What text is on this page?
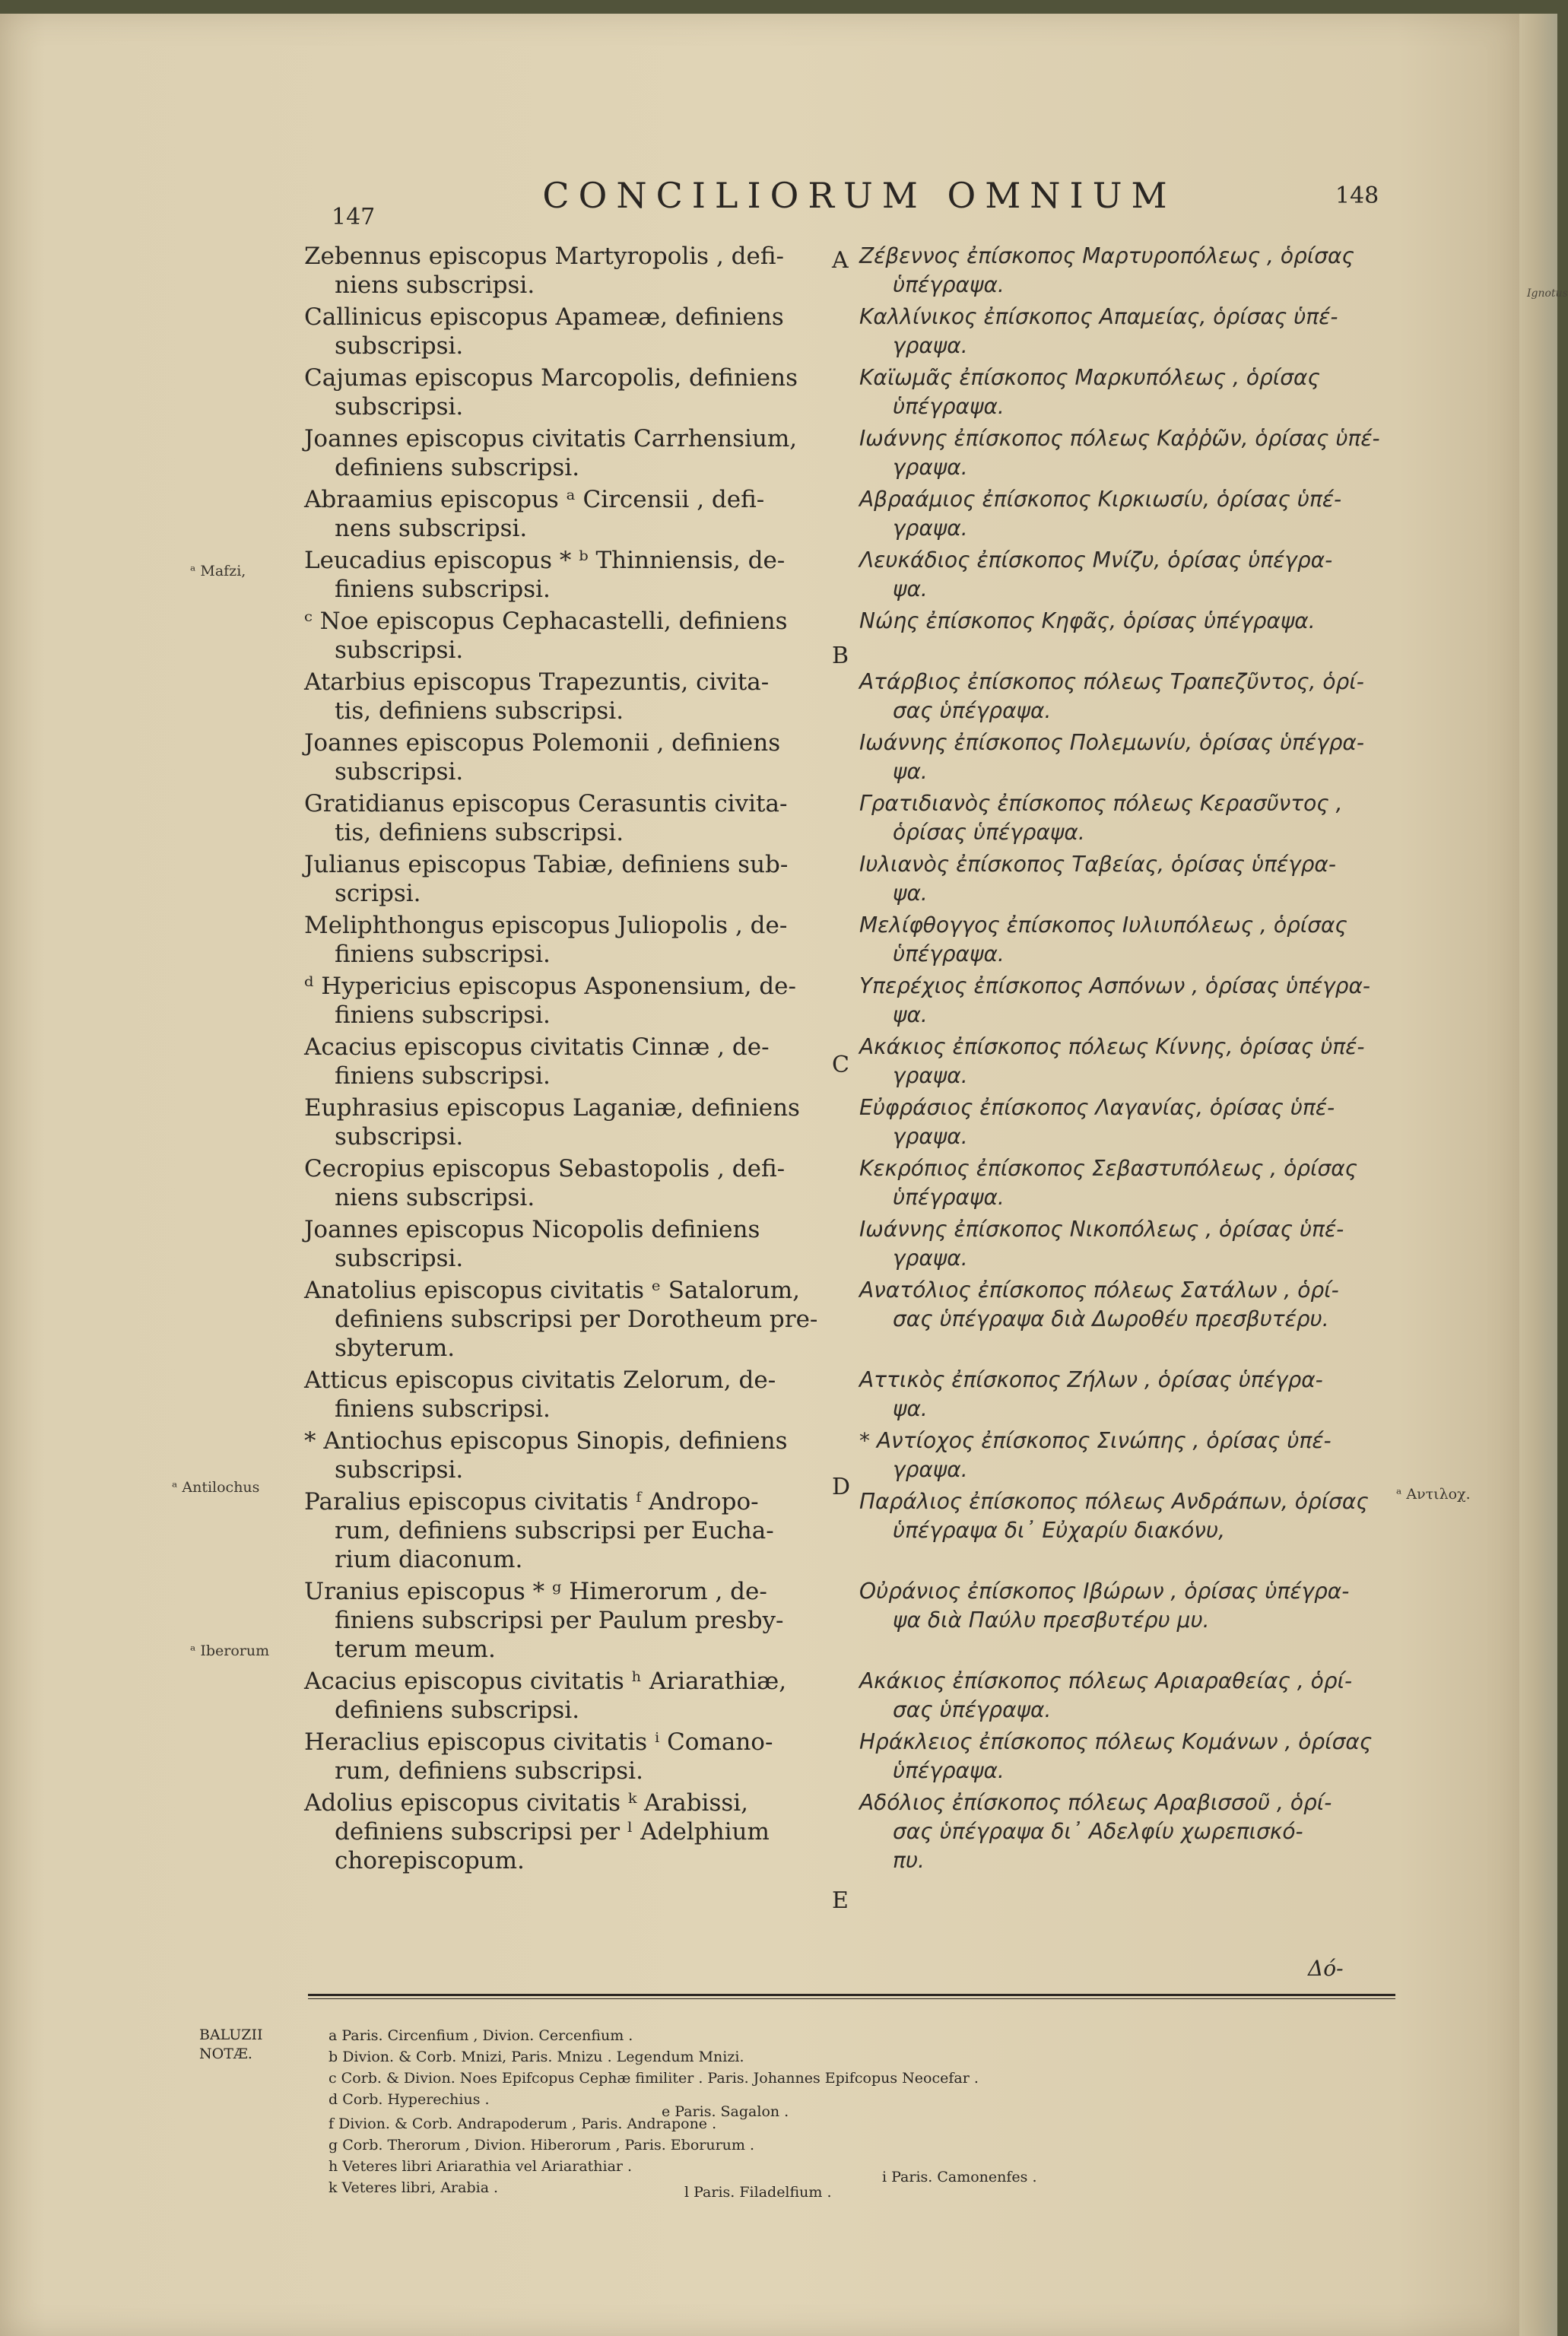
Ignotus
147
CONCILIORUM OMNIUM	148
Zebennus episcopus Martyropolis , defi-
niens subscripsi.
Ζέβεννος ἐπίσκοπος Μαρτυροπόλεως , ὁρίσας
ὑπέγραψα.
Callinicus episcopus Apameæ, definiens
subscripsi.
Καλλίνικος ἐπίσκοπος Απαμείας, ὁρίσας ὑπέ-
γραψα.
Cajumas episcopus Marcopolis, definiens
subscripsi.
Καϊωμᾶς ἐπίσκοπος Μαρκυπόλεως , ὁρίσας
ὑπέγραψα.
Joannes episcopus civitatis Carrhensium,
definiens subscripsi.
Ιωάννης ἐπίσκοπος πόλεως Καῤῥῶν, ὁρίσας ὑπέ-
γραψα.
Abraamius episcopus ᵃ Circensii , defi-
nens subscripsi.
Αβραάμιος ἐπίσκοπος Κιρκιωσίυ, ὁρίσας ὑπέ-
γραψα.
Leucadius episcopus * ᵇ Thinniensis, de-
finiens subscripsi.
Λευκάδιος ἐπίσκοπος Μνίζυ, ὁρίσας ὑπέγρα-
ψα.
ᶜ Noe episcopus Cephacastelli, definiens
subscripsi.
Νώης ἐπίσκοπος Κηφᾶς, ὁρίσας ὑπέγραψα.
Atarbius episcopus Trapezuntis, civita-
tis, definiens subscripsi.
Ατάρβιος ἐπίσκοπος πόλεως Τραπεζῦντος, ὁρί-
σας ὑπέγραψα.
Joannes episcopus Polemonii , definiens
subscripsi.
Ιωάννης ἐπίσκοπος Πολεμωνίυ, ὁρίσας ὑπέγρα-
ψα.
Gratidianus episcopus Cerasuntis civita-
tis, definiens subscripsi.
Γρατιδιανὸς ἐπίσκοπος πόλεως Κερασῦντος ,
ὁρίσας ὑπέγραψα.
Julianus episcopus Tabiæ, definiens sub-
scripsi.
Ιυλιανὸς ἐπίσκοπος Ταβείας, ὁρίσας ὑπέγρα-
ψα.
Meliphthongus episcopus Juliopolis , de-
finiens subscripsi.
Μελίφθογγος ἐπίσκοπος Ιυλιυπόλεως , ὁρίσας
ὑπέγραψα.
ᵈ Hypericius episcopus Asponensium, de-
finiens subscripsi.
Υπερέχιος ἐπίσκοπος Ασπόνων , ὁρίσας ὑπέγρα-
ψα.
Acacius episcopus civitatis Cinnæ , de-
finiens subscripsi.
Ακάκιος ἐπίσκοπος πόλεως Κίννης, ὁρίσας ὑπέ-
γραψα.
Euphrasius episcopus Laganiæ, definiens
subscripsi.
Εὐφράσιος ἐπίσκοπος Λαγανίας, ὁρίσας ὑπέ-
γραψα.
Cecropius episcopus Sebastopolis , defi-
niens subscripsi.
Κεκρόπιος ἐπίσκοπος Σεβαστυπόλεως , ὁρίσας
ὑπέγραψα.
Joannes episcopus Nicopolis definiens
subscripsi.
Ιωάννης ἐπίσκοπος Νικοπόλεως , ὁρίσας ὑπέ-
γραψα.
Anatolius episcopus civitatis ᵉ Satalorum,
definiens subscripsi per Dorotheum pre-
sbyterum.
Ανατόλιος ἐπίσκοπος πόλεως Σατάλων , ὁρί-
σας ὑπέγραψα διὰ Δωροθέυ πρεσβυτέρυ.
Atticus episcopus civitatis Zelorum, de-
finiens subscripsi.
Αττικὸς ἐπίσκοπος Ζήλων , ὁρίσας ὑπέγρα-
ψα.
* Antiochus episcopus Sinopis, definiens
subscripsi.
* Αντίοχος ἐπίσκοπος Σινώπης , ὁρίσας ὑπέ-
γραψα.
Paralius episcopus civitatis ᶠ Andropo-
rum, definiens subscripsi per Eucha-
rium diaconum.
Παράλιος ἐπίσκοπος πόλεως Ανδράπων, ὁρίσας
ὑπέγραψα δι᾽ Εὐχαρίυ διακόνυ,
Uranius episcopus * ᵍ Himerorum , de-
finiens subscripsi per Paulum presby-
terum meum.
Οὐράνιος ἐπίσκοπος Ιβώρων , ὁρίσας ὑπέγρα-
ψα διὰ Παύλυ πρεσβυτέρυ μυ.
Acacius episcopus civitatis ʰ Ariarathiæ,
definiens subscripsi.
Ακάκιος ἐπίσκοπος πόλεως Αριαραθείας , ὁρί-
σας ὑπέγραψα.
Heraclius episcopus civitatis ⁱ Comano-
rum, definiens subscripsi.
Ηράκλειος ἐπίσκοπος πόλεως Κομάνων , ὁρίσας
ὑπέγραψα.
Adolius episcopus civitatis ᵏ Arabissi,
definiens subscripsi per ˡ Adelphium
chorepiscopum.
Αδόλιος ἐπίσκοπος πόλεως Αραβισσοῦ , ὁρί-
σας ὑπέγραψα δι᾽ Αδελφίυ χωρεπισκό-
πυ.
A
B
C
D
E
ᵃ Mafzi,
ᵃ Antilochus
ᵃ Iberorum
ᵃ Αντιλοχ.
Δό-
BALUZII
NOTÆ.
a Paris. Circenfium , Divion. Cercenfium .
b Divion. & Corb. Mnizi, Paris. Mnizu . Legendum Mnizi.
c Corb. & Divion. Noes Epifcopus Cephæ fimiliter . Paris. Johannes Epifcopus Neocefar .
d Corb. Hyperechius .
e Paris. Sagalon .
f Divion. & Corb. Andrapoderum , Paris. Andrapone .
g Corb. Therorum , Divion. Hiberorum , Paris. Eborurum .
h Veteres libri Ariarathia vel Ariarathiar .
i Paris. Camonenfes .
k Veteres libri, Arabia .	l Paris. Filadelfium .
